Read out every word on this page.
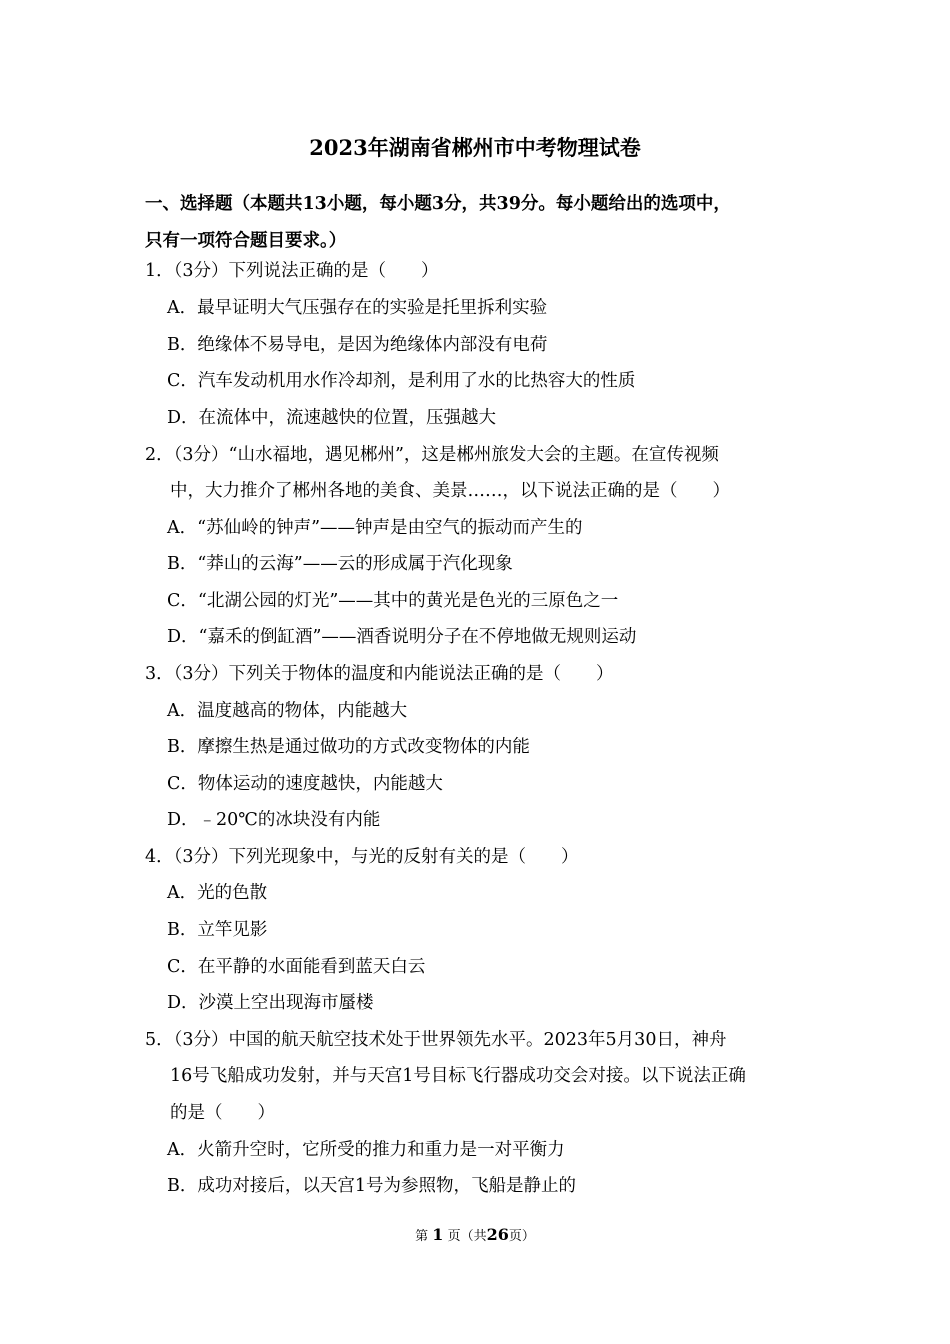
2023年湖南省郴州市中考物理试卷
一、选择题（本题共13小题，每小题3分，共39分。每小题给出的选项中，
只有一项符合题目要求。）
1．（3分）下列说法正确的是（　　）
A．最早证明大气压强存在的实验是托里拆利实验
B．绝缘体不易导电，是因为绝缘体内部没有电荷
C．汽车发动机用水作冷却剂，是利用了水的比热容大的性质
D．在流体中，流速越快的位置，压强越大
2．（3分）“山水福地，遇见郴州”，这是郴州旅发大会的主题。在宣传视频
中，大力推介了郴州各地的美食、美景……，以下说法正确的是（　　）
A．“苏仙岭的钟声”——钟声是由空气的振动而产生的
B．“莽山的云海”——云的形成属于汽化现象
C．“北湖公园的灯光”——其中的黄光是色光的三原色之一
D．“嘉禾的倒缸酒”——酒香说明分子在不停地做无规则运动
3．（3分）下列关于物体的温度和内能说法正确的是（　　）
A．温度越高的物体，内能越大
B．摩擦生热是通过做功的方式改变物体的内能
C．物体运动的速度越快，内能越大
D．﹣20℃的冰块没有内能
4．（3分）下列光现象中，与光的反射有关的是（　　）
A．光的色散
B．立竿见影
C．在平静的水面能看到蓝天白云
D．沙漠上空出现海市蜃楼
5．（3分）中国的航天航空技术处于世界领先水平。2023年5月30日，神舟
16号飞船成功发射，并与天宫1号目标飞行器成功交会对接。以下说法正确
的是（　　）
A．火箭升空时，它所受的推力和重力是一对平衡力
B．成功对接后，以天宫1号为参照物，飞船是静止的
第 1 页（共26页）
